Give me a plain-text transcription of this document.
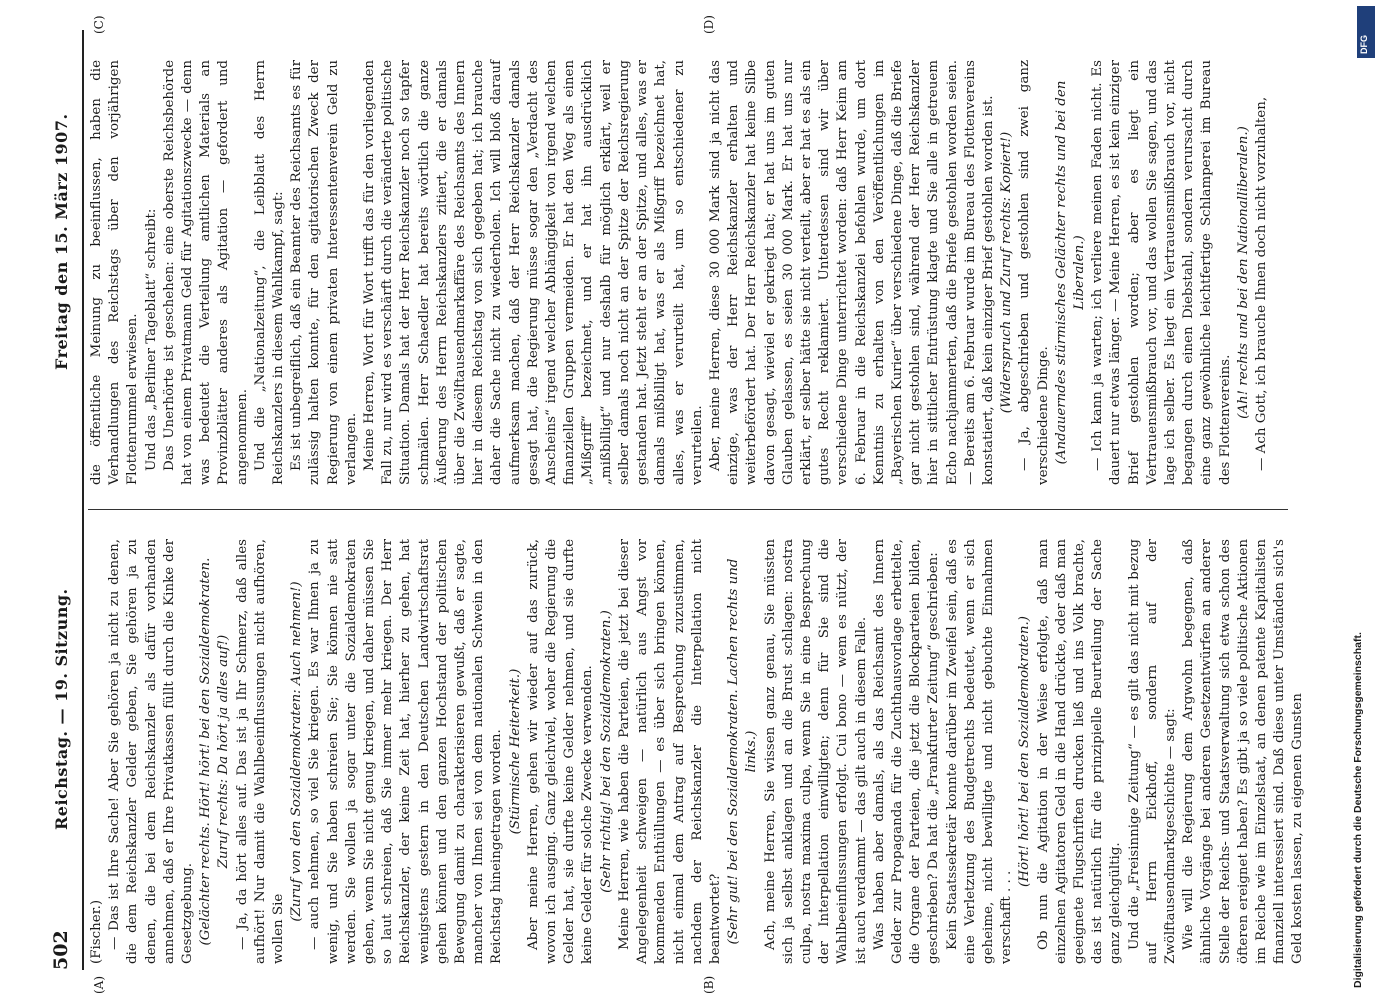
502
Reichstag. — 19. Sitzung.
Freitag den 15. März 1907.
(A)	(B)
(C)	(D)

(Fischer.) — Das ist Ihre Sache! Aber Sie gehören ja nicht zu denen, die dem Reichskanzler Gelder geben, Sie gehören ja zu denen, die bei dem Reichskanzler als dafür vorhanden annehmen, daß er Ihre Privatkassen füllt durch die Kinke der Gesetzgebung. (Gelächter rechts. Hört! hört! bei den Sozialdemokraten. Zuruf rechts: Da hört ja alles auf!) — Ja, da hört alles auf. Das ist ja Ihr Schmerz, daß alles aufhört! Nur damit die Wahlbeeinflussungen nicht aufhören, wollen Sie

(Zuruf von den Sozialdemokraten: Auch nehmen!) — auch nehmen, so viel Sie kriegen. Es war Ihnen ja zu wenig, und Sie haben schreien Sie; Sie können nie satt werden. Sie wollen ja sogar unter die Sozialdemokraten gehen, wenn Sie nicht genug kriegen, und daher müssen Sie so laut schreien, daß Sie immer mehr kriegen. Der Herr Reichskanzler, der keine Zeit hat, hierher zu gehen, hat wenigstens gestern in den Deutschen Landwirtschaftsrat gehen können und den ganzen Hochstand der politischen Bewegung damit zu charakterisieren gewußt, daß er sagte, mancher von Ihnen sei von dem nationalen Schwein in den Reichstag hineingetragen worden. (Stürmische Heiterkeit.) Aber meine Herren, gehen wir wieder auf das zurück, wovon ich ausging. Ganz gleichviel, woher die Regierung die Gelder hat, sie durfte keine Gelder nehmen, und sie durfte keine Gelder für solche Zwecke verwenden. (Sehr richtig! bei den Sozialdemokraten.) Meine Herren, wie haben die Parteien, die jetzt bei dieser Angelegenheit schweigen — natürlich aus Angst vor kommenden Enthüllungen — es über sich bringen können, nicht einmal dem Antrag auf Besprechung zuzustimmen, nachdem der Reichskanzler die Interpellation nicht beantwortet? (Sehr gut! bei den Sozialdemokraten. Lachen rechts und links.) Ach, meine Herren, Sie wissen ganz genau, Sie müssten sich ja selbst anklagen und an die Brust schlagen: nostra culpa, nostra maxima culpa, wenn Sie in eine Besprechung der Interpellation einwilligten; denn für Sie sind die Wahlbeeinflussungen erfolgt. Cui bono — wem es nützt, der ist auch verdammt — das gilt auch in diesem Falle. Was haben aber damals, als das Reichsamt des Innern Gelder zur Propaganda für die Zuchthausvorlage erbettelte, die Organe der Parteien, die jetzt die Blockparteien bilden, geschrieben? Da hat die „Frankfurter Zeitung“ geschrieben: Kein Staatssekretär konnte darüber im Zweifel sein, daß es eine Verletzung des Budgetrechts bedeutet, wenn er sich geheime, nicht bewilligte und nicht gebuchte Einnahmen verschafft . . .

(Hört! hört! bei den Sozialdemokraten.) Ob nun die Agitation in der Weise erfolgte, daß man einzelnen Agitatoren Geld in die Hand drückte, oder daß man geeignete Flugschriften drucken ließ und ins Volk brachte, das ist natürlich für die prinzipielle Beurteilung der Sache ganz gleichgültig. Und die „Freisinnige Zeitung“ — es gilt das nicht mit bezug auf Herrn Eickhoff, sondern auf der Zwölftausendmarkgeschichte — sagt: Wie will die Regierung dem Argwohn begegnen, daß ähnliche Vorgänge bei anderen Gesetzentwürfen an anderer Stelle der Reichs- und Staatsverwaltung sich etwa schon des öfteren ereignet haben? Es gibt ja so viele politische Aktionen im Reiche wie im Einzelstaat, an denen patente Kapitalisten finanziell interessiert sind. Daß diese unter Umständen sich's Geld kosten lassen, zu eigenen Gunsten

die öffentliche Meinung zu beeinflussen, haben die Verhandlungen des Reichstags über den vorjährigen Flottenrummel erwiesen. Und das „Berliner Tageblatt“ schreibt: Das Unerhörte ist geschehen: eine oberste Reichsbehörde hat von einem Privatmann Geld für Agitationszwecke — denn was bedeutet die Verteilung amtlichen Materials an Provinzblätter anderes als Agitation — gefordert und angenommen. Und die „Nationalzeitung“, die Leibblatt des Herrn Reichskanzlers in diesem Wahlkampf, sagt: Es ist unbegreiflich, daß ein Beamter des Reichsamts es für zulässig halten konnte, für den agitatorischen Zweck der Regierung von einem privaten Interessentenverein Geld zu verlangen. Meine Herren, Wort für Wort trifft das für den vorliegenden Fall zu, nur wird es verschärft durch die veränderte politische Situation. Damals hat der Herr Reichskanzler noch so tapfer schmälen. Herr Schaedler hat bereits wörtlich die ganze Äußerung des Herrn Reichskanzlers zitiert, die er damals über die Zwölftausendmarkaffäre des Reichsamts des Innern hier in diesem Reichstag von sich gegeben hat; ich brauche daher die Sache nicht zu wiederholen. Ich will bloß darauf aufmerksam machen, daß der Herr Reichskanzler damals gesagt hat, die Regierung müsse sogar den „Verdacht des Anscheins“ irgend welcher Abhängigkeit von irgend welchen finanziellen Gruppen vermeiden. Er hat den Weg als einen „Mißgriff“ bezeichnet, und er hat ihn ausdrücklich „mißbilligt“ und nur deshalb für möglich erklärt, weil er selber damals noch nicht an der Spitze der Reichsregierung gestanden hat. Jetzt steht er an der Spitze, und alles, was er damals mißbilligt hat, was er als Mißgriff bezeichnet hat, alles, was er verurteilt hat, um so entschiedener zu verurteilen. Aber, meine Herren, diese 30 000 Mark sind ja nicht das einzige, was der Herr Reichskanzler erhalten und weiterbefördert hat. Der Herr Reichskanzler hat keine Silbe davon gesagt, wieviel er gekriegt hat; er hat uns im guten Glauben gelassen, es seien 30 000 Mark. Er hat uns nur erklärt, er selber hätte sie nicht verteilt, aber er hat es als ein gutes Recht reklamiert. Unterdessen sind wir über verschiedene Dinge unterrichtet worden: daß Herr Keim am 6. Februar in die Reichskanzlei befohlen wurde, um dort Kenntnis zu erhalten von den Veröffentlichungen im „Bayerischen Kurier“ über verschiedene Dinge, daß die Briefe gar nicht gestohlen sind, während der Herr Reichskanzler hier in sittlicher Entrüstung klagte und Sie alle in getreuem Echo nachjammerten, daß die Briefe gestohlen worden seien. — Bereits am 6. Februar wurde im Bureau des Flottenvereins konstatiert, daß kein einziger Brief gestohlen worden ist. (Widerspruch und Zuruf rechts: Kopiert!) — Ja, abgeschrieben und gestohlen sind zwei ganz verschiedene Dinge. (Andauerndes stürmisches Gelächter rechts und bei den Liberalen.) — Ich kann ja warten; ich verliere meinen Faden nicht. Es dauert nur etwas länger. — Meine Herren, es ist kein einziger Brief gestohlen worden; aber es liegt ein Vertrauensmißbrauch vor, und das wollen Sie sagen, und das lage ich selber. Es liegt ein Vertrauensmißbrauch vor, nicht begangen durch einen Diebstahl, sondern verursacht durch eine ganz gewöhnliche leichtfertige Schlamperei im Bureau des Flottenvereins.

(Ah! rechts und bei den Nationalliberalen.) — Ach Gott, ich brauche Ihnen doch nicht vorzuhalten,

Digitalisierung gefördert durch die Deutsche Forschungsgemeinschaft.
DFG
